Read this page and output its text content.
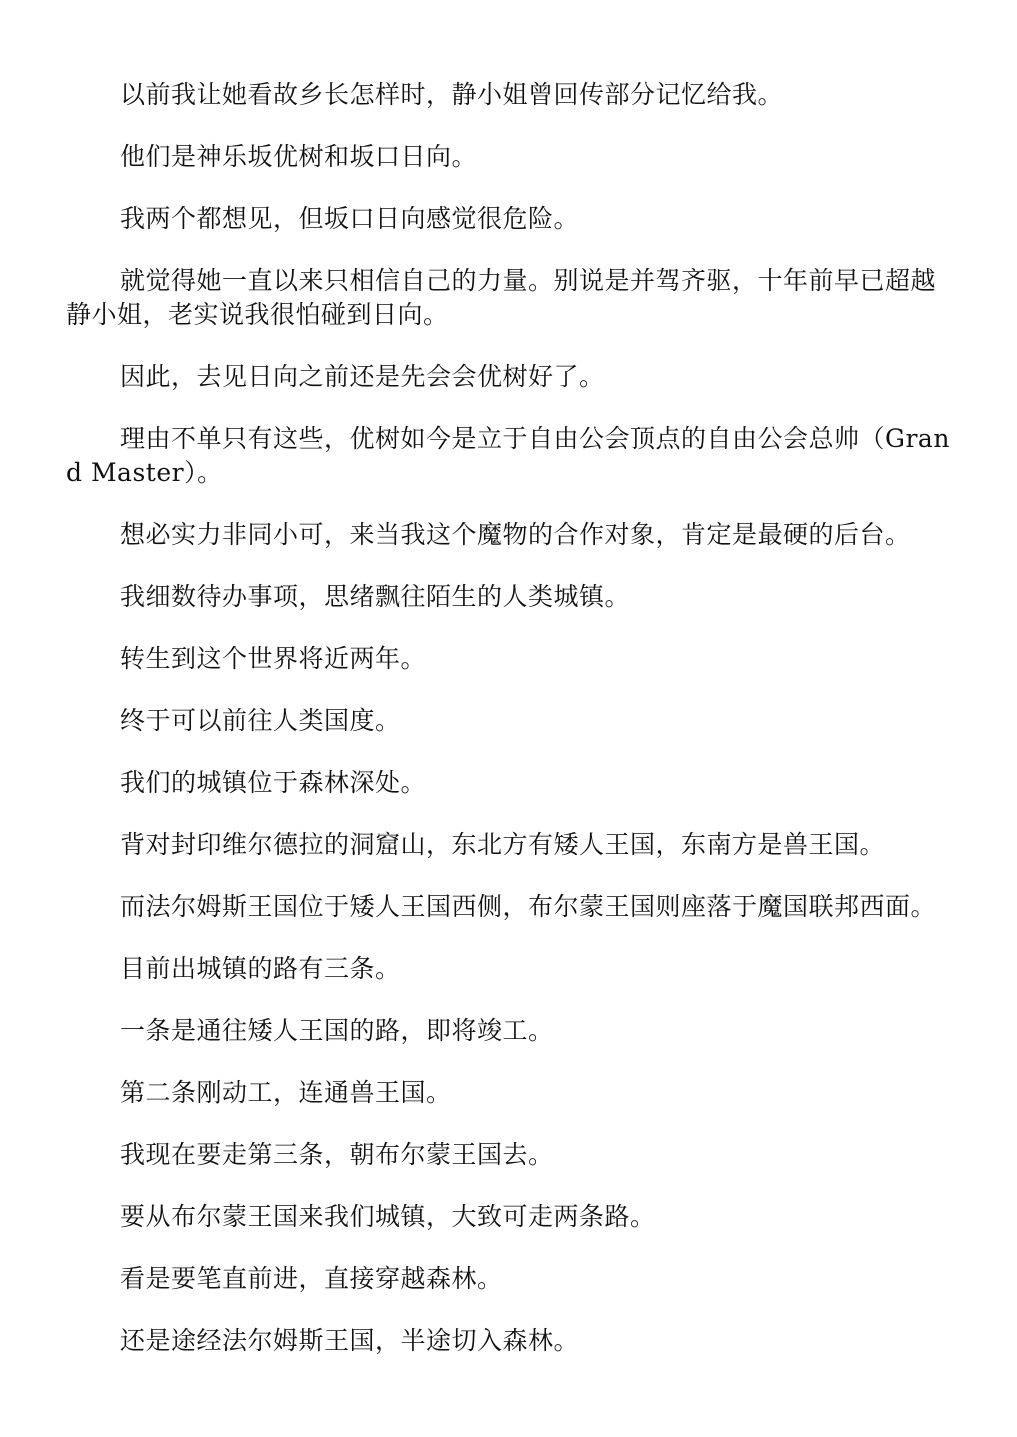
以前我让她看故乡长怎样时，静小姐曾回传部分记忆给我。

他们是神乐坂优树和坂口日向。

我两个都想见，但坂口日向感觉很危险。

就觉得她一直以来只相信自己的力量。别说是并驾齐驱，十年前早已超越静小姐，老实说我很怕碰到日向。

因此，去见日向之前还是先会会优树好了。

理由不单只有这些，优树如今是立于自由公会顶点的自由公会总帅（Grand Master）。

想必实力非同小可，来当我这个魔物的合作对象，肯定是最硬的后台。

我细数待办事项，思绪飘往陌生的人类城镇。

转生到这个世界将近两年。

终于可以前往人类国度。

我们的城镇位于森林深处。

背对封印维尔德拉的洞窟山，东北方有矮人王国，东南方是兽王国。

而法尔姆斯王国位于矮人王国西侧，布尔蒙王国则座落于魔国联邦西面。

目前出城镇的路有三条。

一条是通往矮人王国的路，即将竣工。

第二条刚动工，连通兽王国。

我现在要走第三条，朝布尔蒙王国去。

要从布尔蒙王国来我们城镇，大致可走两条路。

看是要笔直前进，直接穿越森林。

还是途经法尔姆斯王国，半途切入森林。
